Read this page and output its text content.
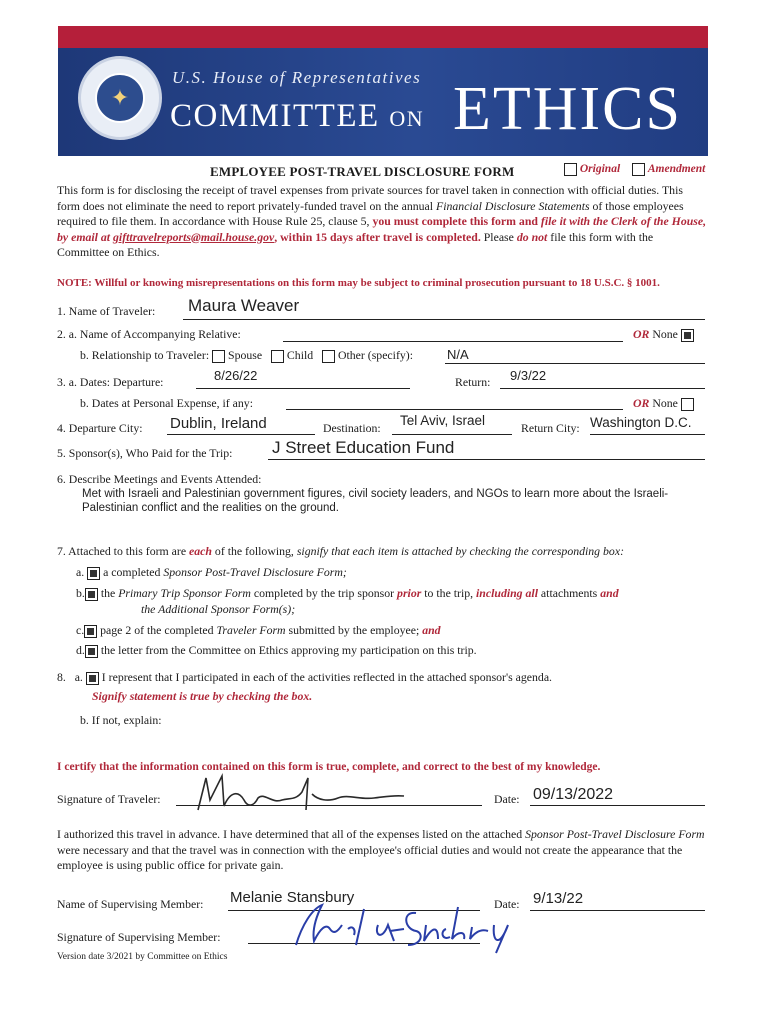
✦
U.S. House of Representatives
COMMITTEE ON ETHICS
EMPLOYEE POST-TRAVEL DISCLOSURE FORM	Original	Amendment
This form is for disclosing the receipt of travel expenses from private sources for travel taken in connection with official duties. This form does not eliminate the need to report privately-funded travel on the annual Financial Disclosure Statements of those employees required to file them. In accordance with House Rule 25, clause 5, you must complete this form and file it with the Clerk of the House, by email at gifttravelreports@mail.house.gov, within 15 days after travel is completed. Please do not file this form with the Committee on Ethics.
NOTE: Willful or knowing misrepresentations on this form may be subject to criminal prosecution pursuant to 18 U.S.C. § 1001.
1. Name of Traveler: Maura Weaver
2. a. Name of Accompanying Relative:	OR None
b. Relationship to Traveler: Spouse Child Other (specify):	N/A
3. a. Dates: Departure:	8/26/22	Return: 9/3/22
b. Dates at Personal Expense, if any:	OR None
4. Departure City: Dublin, Ireland	Destination: Tel Aviv, Israel	Return City: Washington D.C.
5. Sponsor(s), Who Paid for the Trip: J Street Education Fund
6. Describe Meetings and Events Attended:
Met with Israeli and Palestinian government figures, civil society leaders, and NGOs to learn more about the Israeli-Palestinian conflict and the realities on the ground.
7. Attached to this form are each of the following, signify that each item is attached by checking the corresponding box:
a.  a completed Sponsor Post-Travel Disclosure Form;
b. the Primary Trip Sponsor Form completed by the trip sponsor prior to the trip, including all attachments and
the Additional Sponsor Form(s);
c. page 2 of the completed Traveler Form submitted by the employee; and
d. the letter from the Committee on Ethics approving my participation on this trip.
8.   a.  I represent that I participated in each of the activities reflected in the attached sponsor's agenda.
Signify statement is true by checking the box.
b. If not, explain:
I certify that the information contained on this form is true, complete, and correct to the best of my knowledge.
Signature of Traveler:	Date: 09/13/2022
I authorized this travel in advance. I have determined that all of the expenses listed on the attached Sponsor Post-Travel Disclosure Form were necessary and that the travel was in connection with the employee's official duties and would not create the appearance that the employee is using public office for private gain.
Name of Supervising Member: Melanie Stansbury	Date: 9/13/22
Signature of Supervising Member:
Version date 3/2021 by Committee on Ethics
